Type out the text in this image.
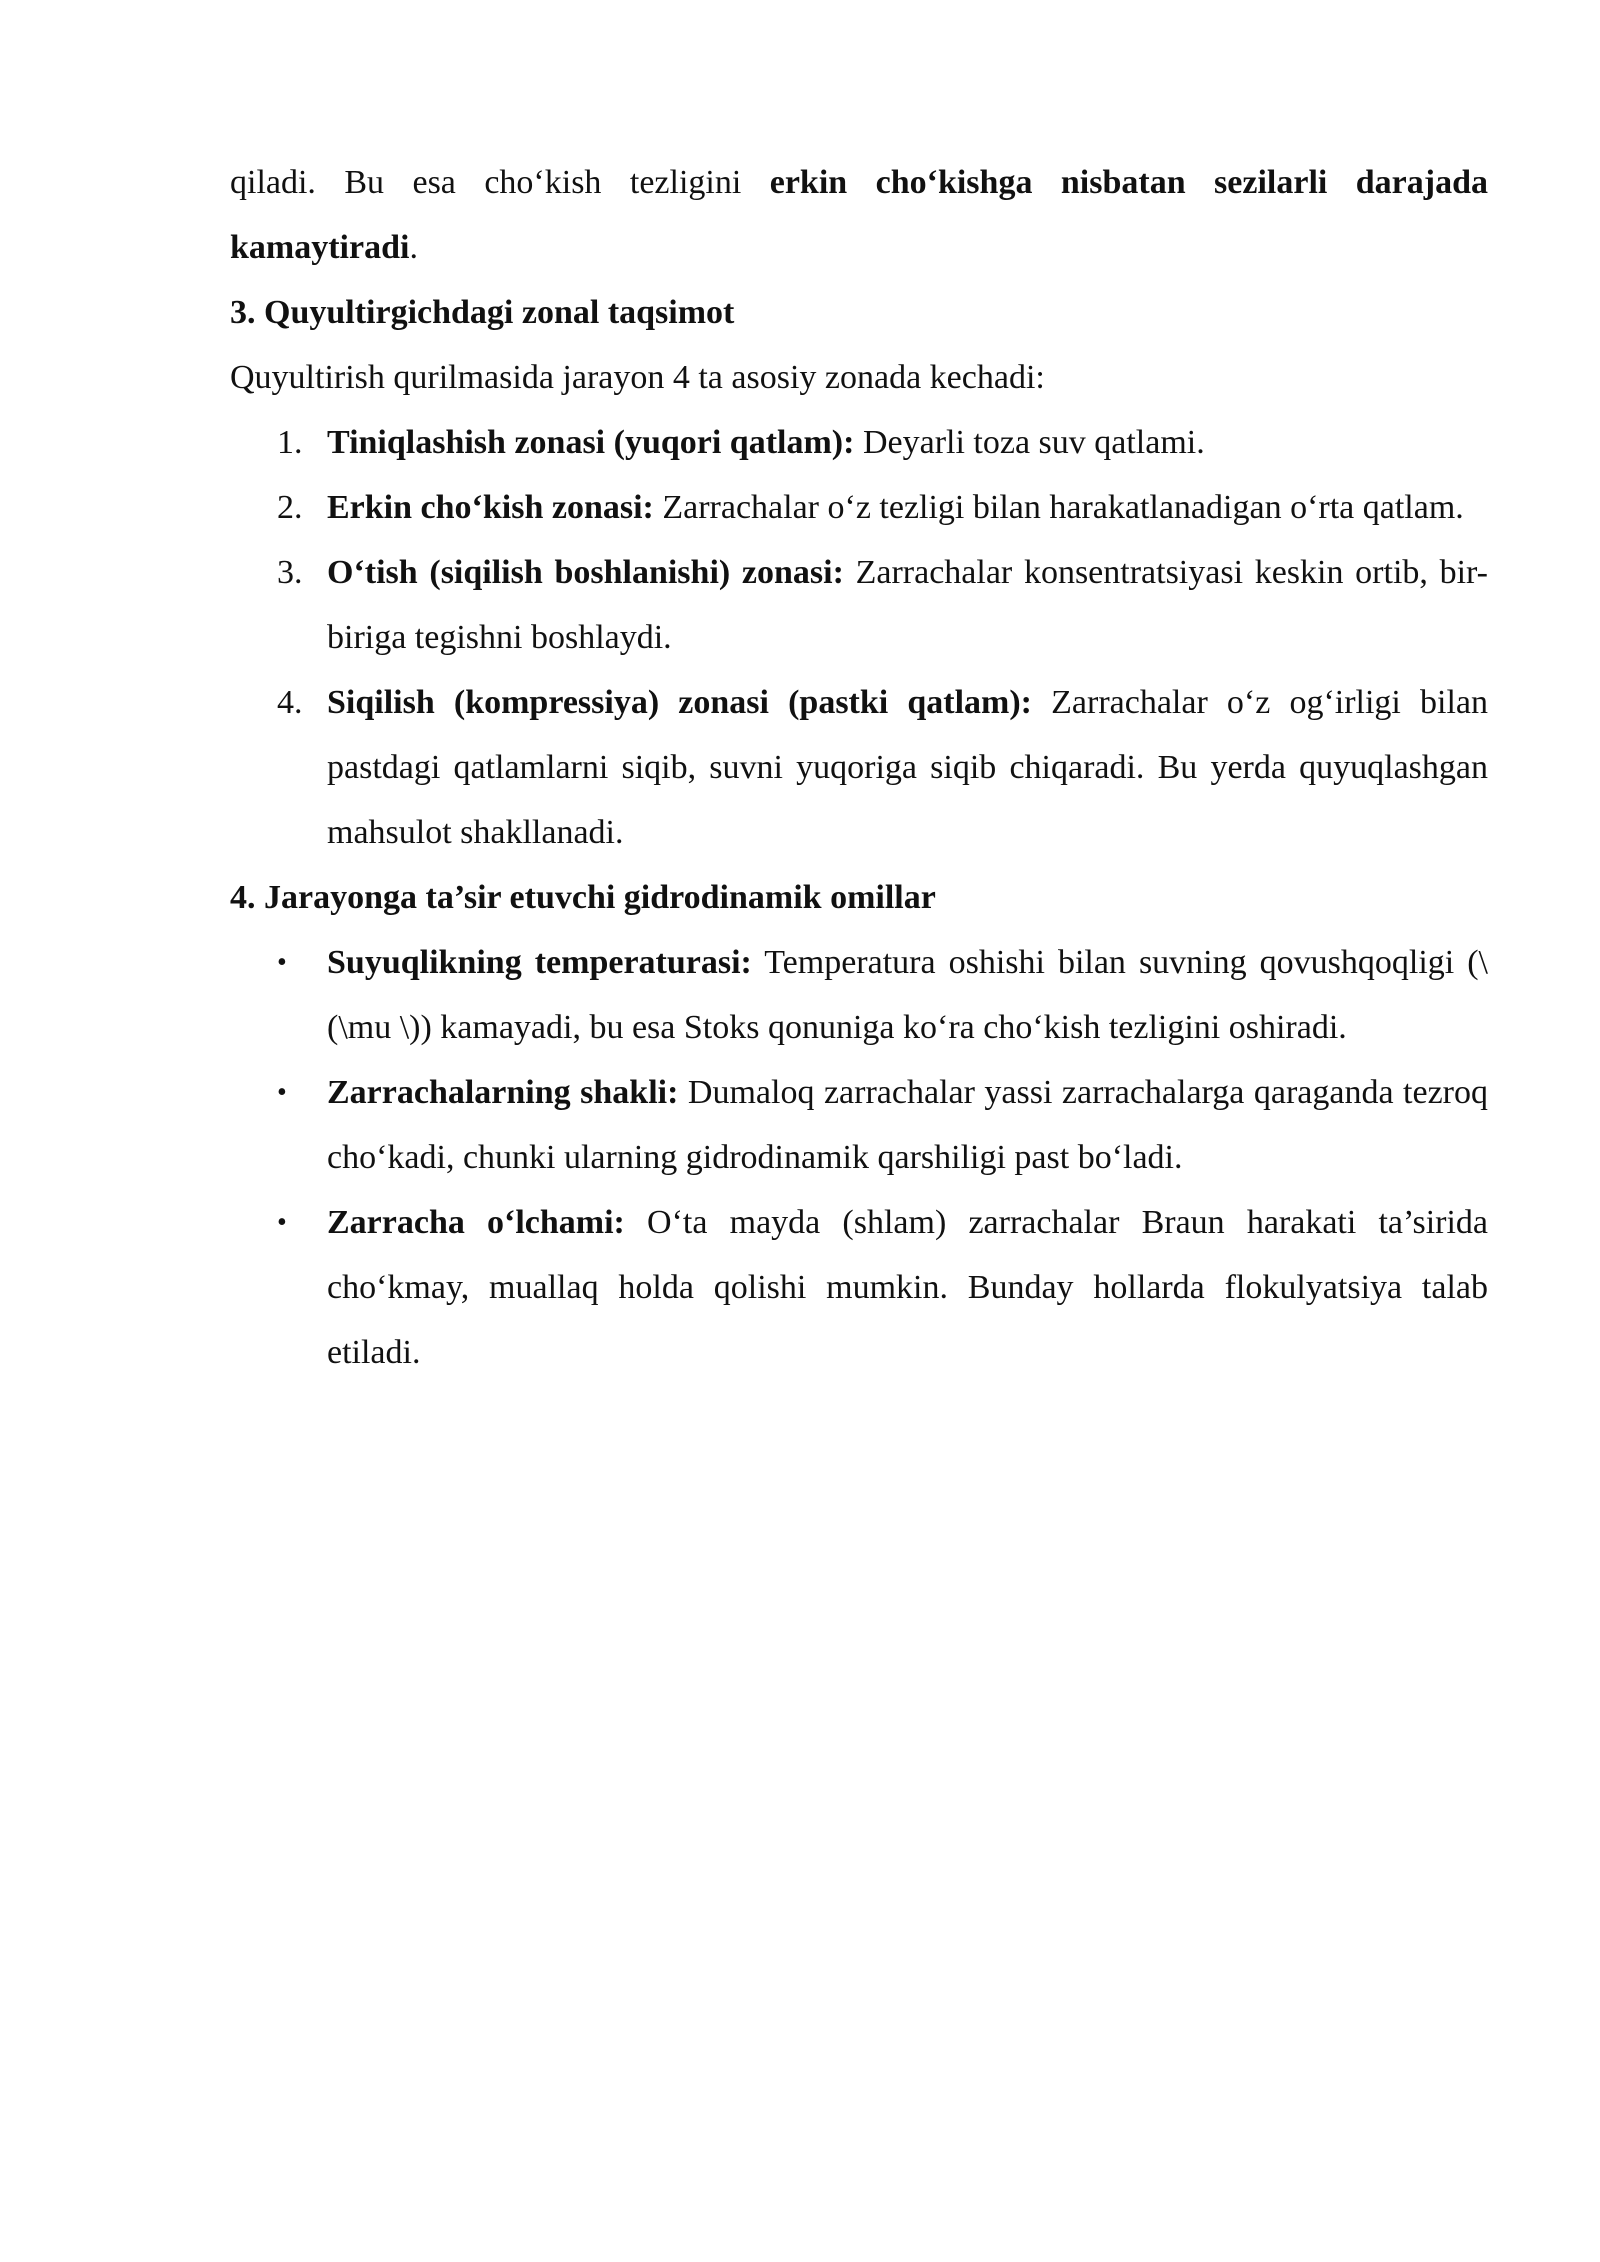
qiladi. Bu esa cho‘kish tezligini erkin cho‘kishga nisbatan sezilarli darajada kamaytiradi.

3. Quyultirgichdagi zonal taqsimot

Quyultirish qurilmasida jarayon 4 ta asosiy zonada kechadi:

1. Tiniqlashish zonasi (yuqori qatlam): Deyarli toza suv qatlami.
2. Erkin cho‘kish zonasi: Zarrachalar o‘z tezligi bilan harakatlanadigan o‘rta qatlam.
3. O‘tish (siqilish boshlanishi) zonasi: Zarrachalar konsentratsiyasi keskin ortib, bir-biriga tegishni boshlaydi.
4. Siqilish (kompressiya) zonasi (pastki qatlam): Zarrachalar o‘z og‘irligi bilan pastdagi qatlamlarni siqib, suvni yuqoriga siqib chiqaradi. Bu yerda quyuqlashgan mahsulot shakllanadi.

4. Jarayonga ta’sir etuvchi gidrodinamik omillar

• Suyuqlikning temperaturasi: Temperatura oshishi bilan suvning qovushqoqligi (\(\mu \)) kamayadi, bu esa Stoks qonuniga ko‘ra cho‘kish tezligini oshiradi.
• Zarrachalarning shakli: Dumaloq zarrachalar yassi zarrachalarga qaraganda tezroq cho‘kadi, chunki ularning gidrodinamik qarshiligi past bo‘ladi.
• Zarracha o‘lchami: O‘ta mayda (shlam) zarrachalar Braun harakati ta’sirida cho‘kmay, muallaq holda qolishi mumkin. Bunday hollarda flokulyatsiya talab etiladi.
